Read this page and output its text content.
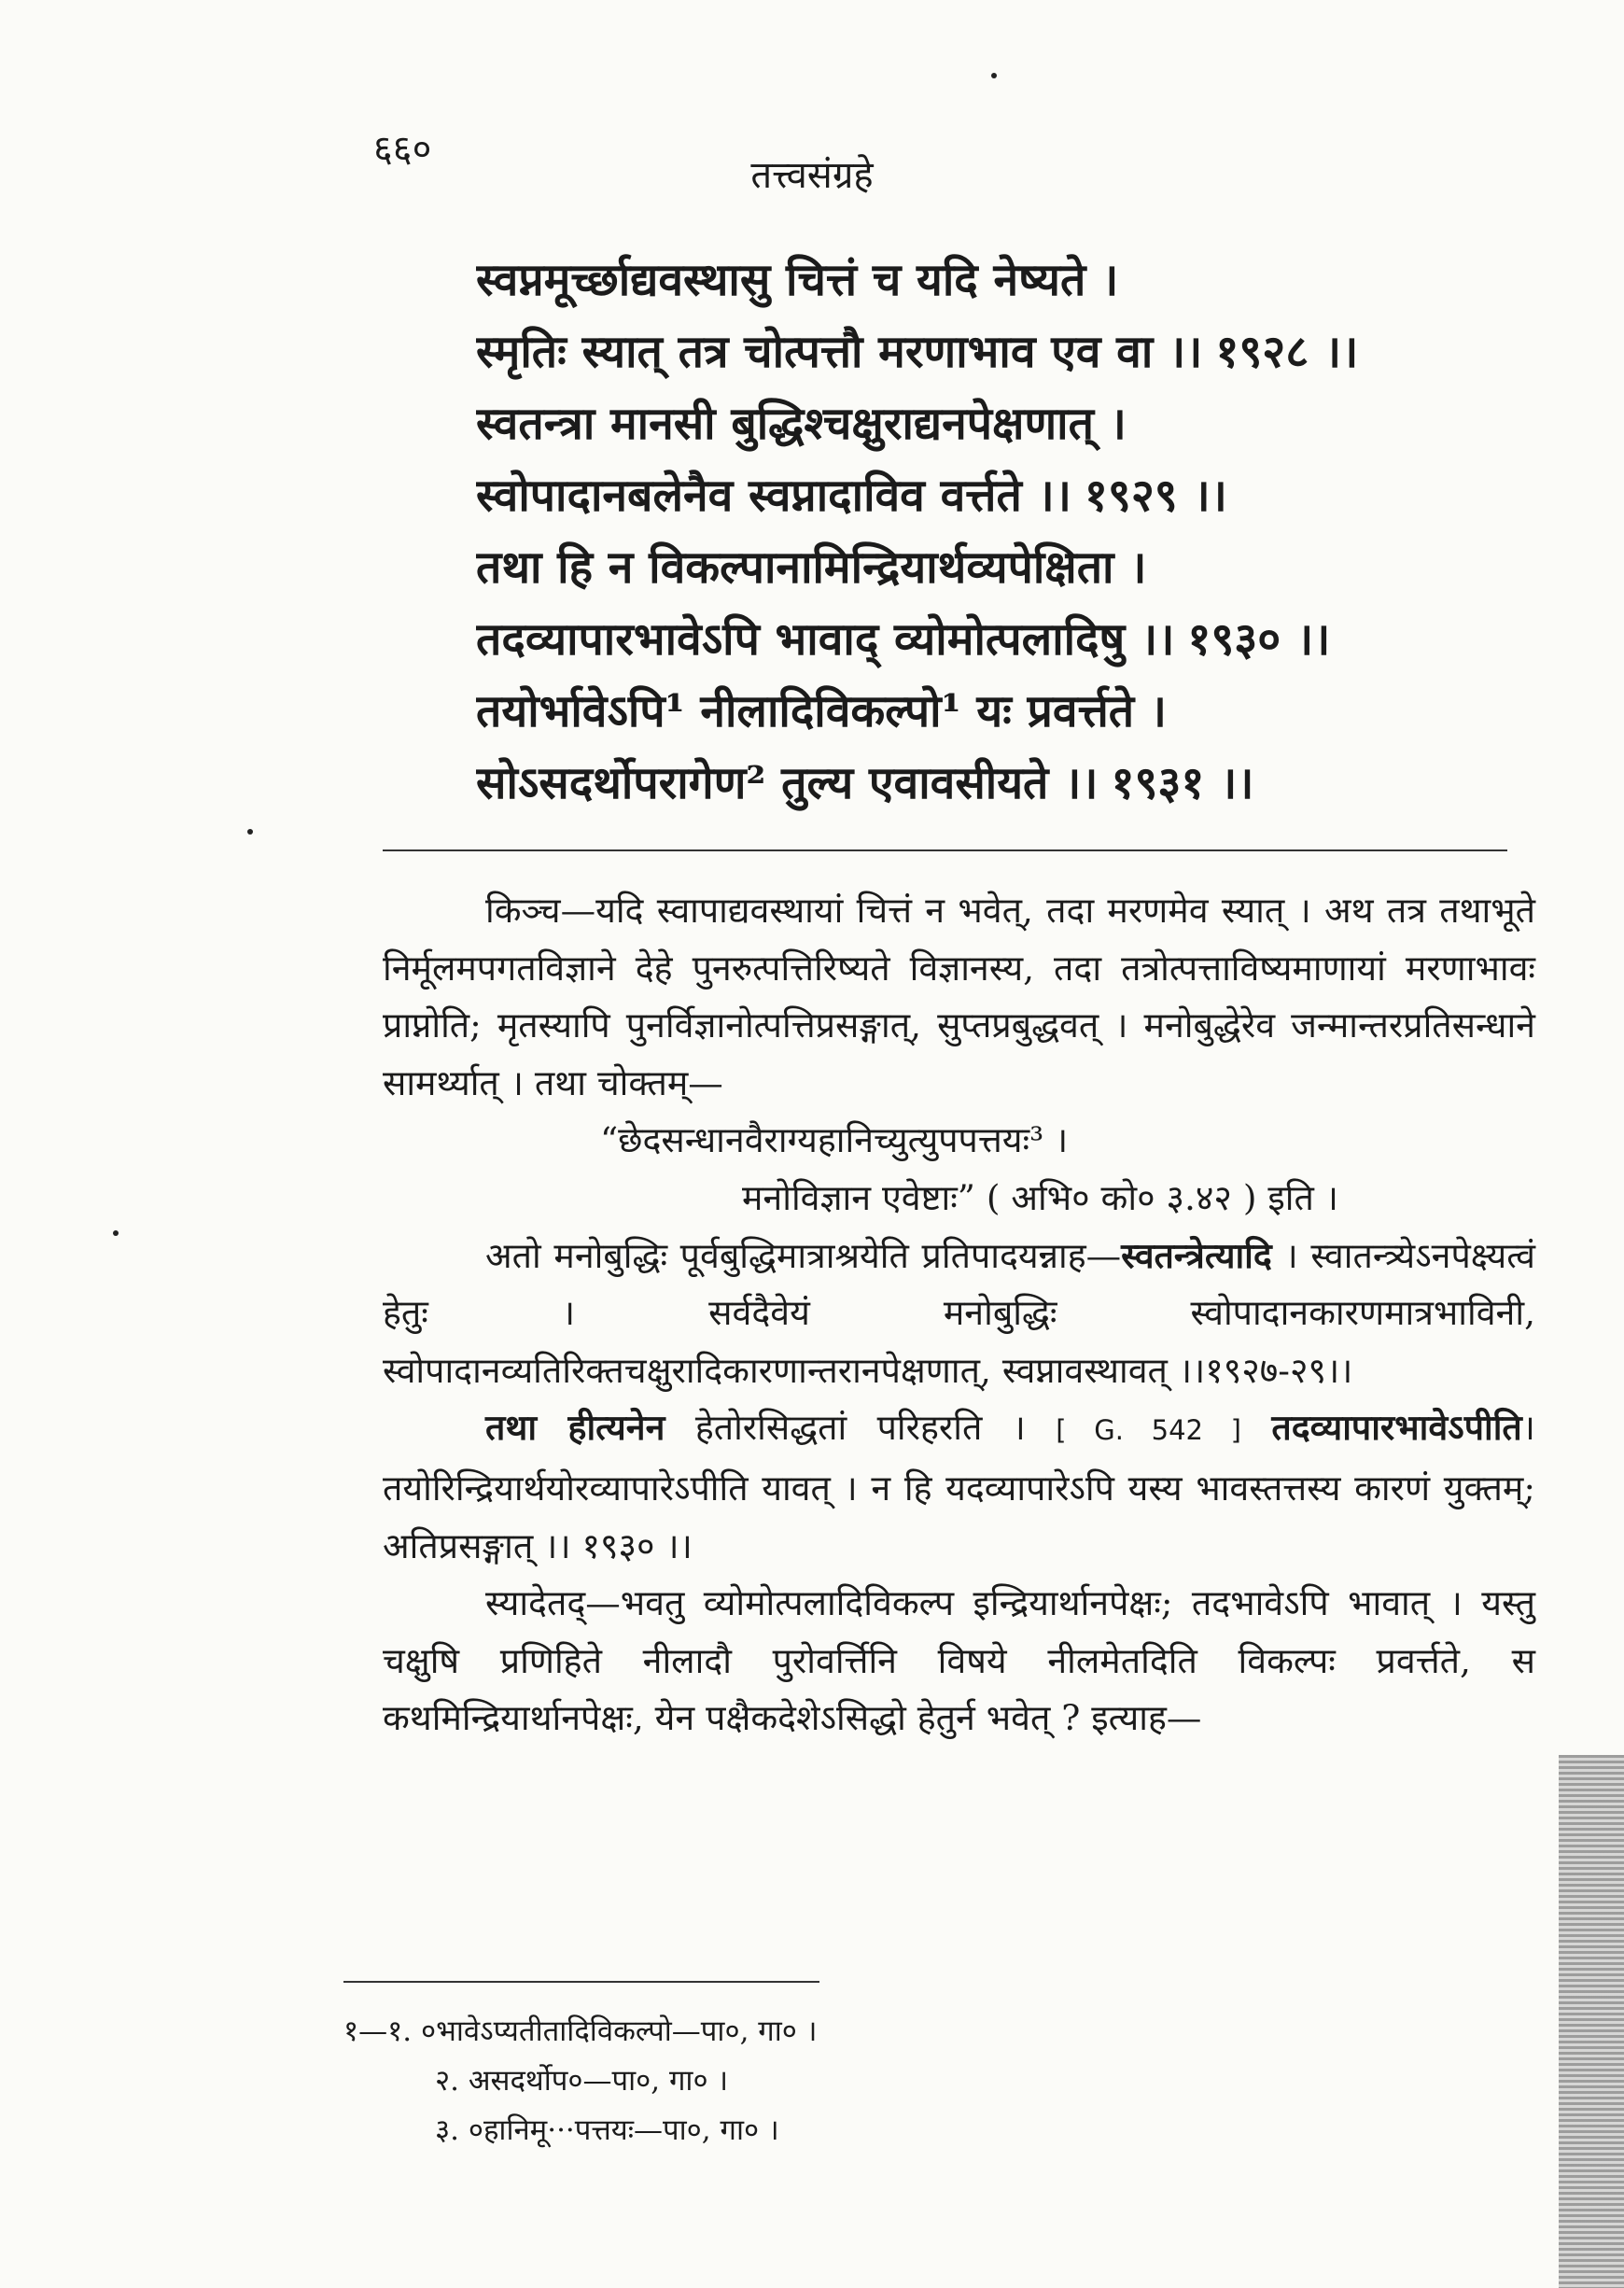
६६०
तत्त्वसंग्रहे
स्वप्नमूर्च्छाद्यवस्थासु चित्तं च यदि नेष्यते ।
स्मृतिः स्यात् तत्र चोत्पत्तौ मरणाभाव एव वा ।। १९२८ ।।
स्वतन्त्रा मानसी बुद्धिश्चक्षुराद्यनपेक्षणात् ।
स्वोपादानबलेनैव स्वप्नादाविव वर्त्तते ।। १९२९ ।।
तथा हि न विकल्पानामिन्द्रियार्थव्यपेक्षिता ।
तदव्यापारभावेऽपि भावाद् व्योमोत्पलादिषु ।। १९३० ।।
तयोर्भावेऽपि¹ नीलादिविकल्पो¹ यः प्रवर्त्तते ।
सोऽसदर्थोपरागेण² तुल्य एवावसीयते ।। १९३१ ।।

किञ्च—यदि स्वापाद्यवस्थायां चित्तं न भवेत्, तदा मरणमेव स्यात् । अथ तत्र तथाभूते निर्मूलमपगतविज्ञाने देहे पुनरुत्पत्तिरिष्यते विज्ञानस्य, तदा तत्रोत्पत्ताविष्यमाणायां मरणाभावः प्राप्नोति; मृतस्यापि पुनर्विज्ञानोत्पत्तिप्रसङ्गात्, सुप्तप्रबुद्धवत् । मनोबुद्धेरेव जन्मान्तरप्रतिसन्धाने सामर्थ्यात् । तथा चोक्तम्—

“छेदसन्धानवैराग्यहानिच्युत्युपपत्तयः³ ।

मनोविज्ञान एवेष्टाः” ( अभि० को० ३.४२ ) इति ।

अतो मनोबुद्धिः पूर्वबुद्धिमात्राश्रयेति प्रतिपादयन्नाह—स्वतन्त्रेत्यादि । स्वातन्त्र्येऽनपेक्ष्यत्वं हेतुः । सर्वदैवेयं मनोबुद्धिः स्वोपादानकारणमात्रभाविनी, स्वोपादानव्यतिरिक्तचक्षुरादिकारणान्तरानपेक्षणात्, स्वप्नावस्थावत् ।।१९२७-२९।।

तथा हीत्यनेन हेतोरसिद्धतां परिहरति । [ G. 542 ] तदव्यापारभावेऽपीति। तयोरिन्द्रियार्थयोरव्यापारेऽपीति यावत् । न हि यदव्यापारेऽपि यस्य भावस्तत्तस्य कारणं युक्तम्; अतिप्रसङ्गात् ।। १९३० ।।

स्यादेतद्—भवतु व्योमोत्पलादिविकल्प इन्द्रियार्थानपेक्षः; तदभावेऽपि भावात् । यस्तु चक्षुषि प्रणिहिते नीलादौ पुरोवर्त्तिनि विषये नीलमेतदिति विकल्पः प्रवर्त्तते, स कथमिन्द्रियार्थानपेक्षः, येन पक्षैकदेशेऽसिद्धो हेतुर्न भवेत् ? इत्याह—

१—१. ०भावेऽप्यतीतादिविकल्पो—पा०, गा० ।

२. असदर्थोप०—पा०, गा० ।

३. ०हानिमू···पत्तयः—पा०, गा० ।
